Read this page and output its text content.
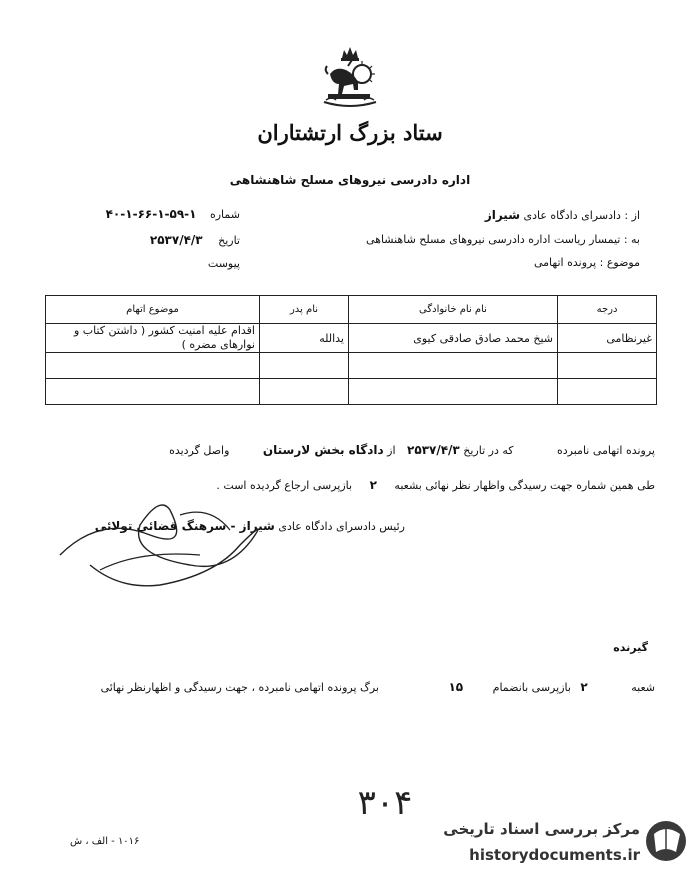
ستاد بزرگ ارتشتاران
اداره دادرسی نیروهای مسلح شاهنشاهی
از : دادسرای دادگاه عادی شیراز
به : تیمسار ریاست اداره دادرسی نیروهای مسلح شاهنشاهی
موضوع : پرونده اتهامی
شماره ۱-۵۹-۱-۶۶-۱-۴۰
تاریخ ۲۵۳۷/۴/۳
پیوست
درجه	نام نام خانوادگی	نام پدر	موضوع اتهام
غیرنظامی	شیخ محمد صادق صادقی کیوی	یدالله	اقدام علیه امنیت کشور ( داشتن کتاب و نوارهای مضره )

پرونده اتهامی نامبرده که در تاریخ ۲۵۳۷/۴/۳ از دادگاه بخش لارستان واصل گردیده
طی همین شماره جهت رسیدگی واظهار نظر نهائی بشعبه ۲ بازپرسی ارجاع گردیده است .
رئیس دادسرای دادگاه عادی شیراز - سرهنگ قضائی تولائی
گیرنده
شعبه ۲ بازپرسی بانضمام ۱۵ برگ پرونده اتهامی نامبرده ، جهت رسیدگی و اظهارنظر نهائی
۳۰۴
۱۰۱۶ - الف ، ش
مرکز بررسی اسناد تاریخی
historydocuments.ir
